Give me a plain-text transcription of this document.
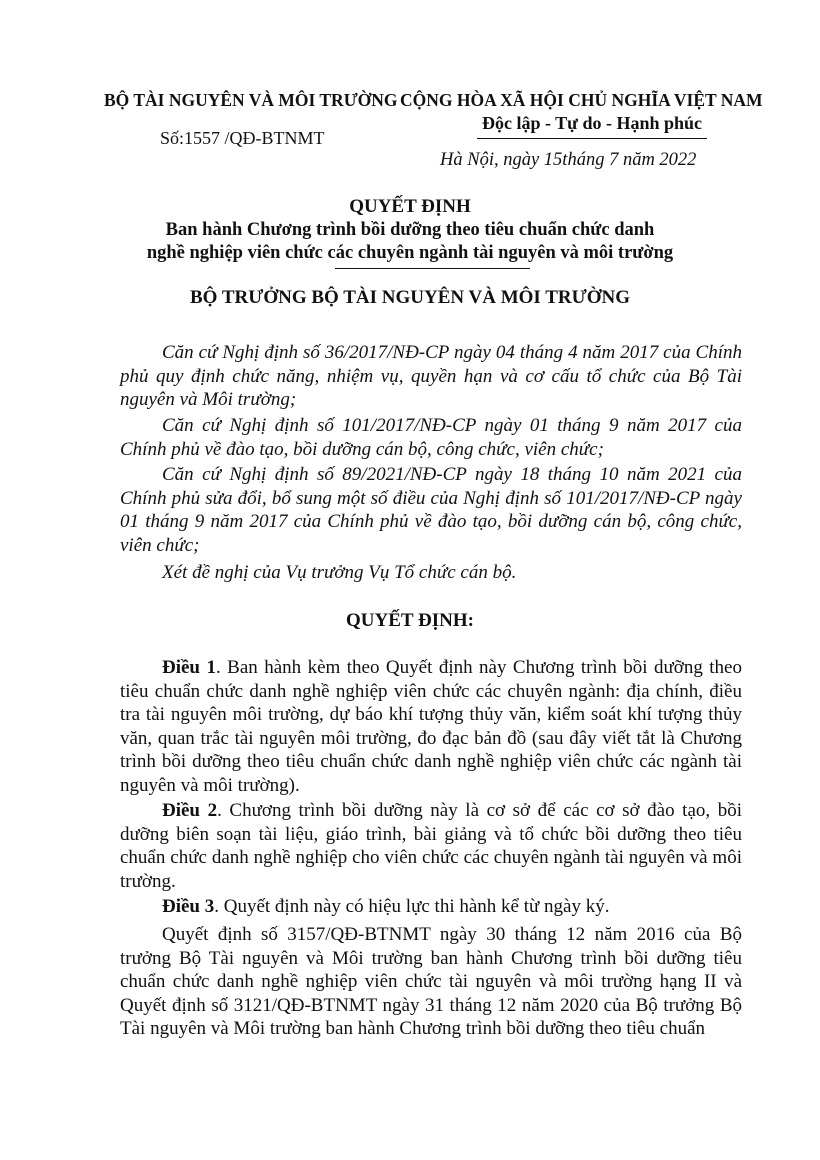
BỘ TÀI NGUYÊN VÀ MÔI TRƯỜNG
Số:1557 /QĐ-BTNMT
CỘNG HÒA XÃ HỘI CHỦ NGHĨA VIỆT NAM
Độc lập - Tự do - Hạnh phúc
Hà Nội, ngày 15tháng 7 năm 2022
QUYẾT ĐỊNH
Ban hành Chương trình bồi dưỡng theo tiêu chuẩn chức danh
nghề nghiệp viên chức các chuyên ngành tài nguyên và môi trường
BỘ TRƯỞNG BỘ TÀI NGUYÊN VÀ MÔI TRƯỜNG

Căn cứ Nghị định số 36/2017/NĐ-CP ngày 04 tháng 4 năm 2017 của Chính phủ quy định chức năng, nhiệm vụ, quyền hạn và cơ cấu tổ chức của Bộ Tài nguyên và Môi trường;

Căn cứ Nghị định số 101/2017/NĐ-CP ngày 01 tháng 9 năm 2017 của Chính phủ về đào tạo, bồi dưỡng cán bộ, công chức, viên chức;

Căn cứ Nghị định số 89/2021/NĐ-CP ngày 18 tháng 10 năm 2021 của Chính phủ sửa đổi, bổ sung một số điều của Nghị định số 101/2017/NĐ-CP ngày 01 tháng 9 năm 2017 của Chính phủ về đào tạo, bồi dưỡng cán bộ, công chức, viên chức;

Xét đề nghị của Vụ trưởng Vụ Tổ chức cán bộ.

QUYẾT ĐỊNH:

Điều 1. Ban hành kèm theo Quyết định này Chương trình bồi dưỡng theo tiêu chuẩn chức danh nghề nghiệp viên chức các chuyên ngành: địa chính, điều tra tài nguyên môi trường, dự báo khí tượng thủy văn, kiểm soát khí tượng thủy văn, quan trắc tài nguyên môi trường, đo đạc bản đồ (sau đây viết tắt là Chương trình bồi dưỡng theo tiêu chuẩn chức danh nghề nghiệp viên chức các ngành tài nguyên và môi trường).

Điều 2. Chương trình bồi dưỡng này là cơ sở để các cơ sở đào tạo, bồi dưỡng biên soạn tài liệu, giáo trình, bài giảng và tổ chức bồi dưỡng theo tiêu chuẩn chức danh nghề nghiệp cho viên chức các chuyên ngành tài nguyên và môi trường.

Điều 3. Quyết định này có hiệu lực thi hành kể từ ngày ký.

Quyết định số 3157/QĐ-BTNMT ngày 30 tháng 12 năm 2016 của Bộ trưởng Bộ Tài nguyên và Môi trường ban hành Chương trình bồi dưỡng tiêu chuẩn chức danh nghề nghiệp viên chức tài nguyên và môi trường hạng II và Quyết định số 3121/QĐ-BTNMT ngày 31 tháng 12 năm 2020 của Bộ trưởng Bộ Tài nguyên và Môi trường ban hành Chương trình bồi dưỡng theo tiêu chuẩn
